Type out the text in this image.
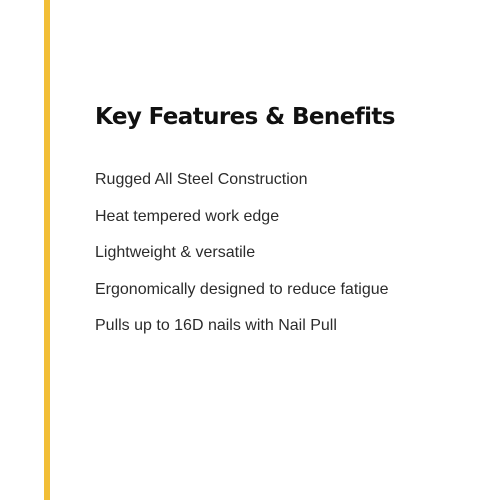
Key Features & Benefits
Rugged All Steel Construction
Heat tempered work edge
Lightweight & versatile
Ergonomically designed to reduce fatigue
Pulls up to 16D nails with Nail Pull
